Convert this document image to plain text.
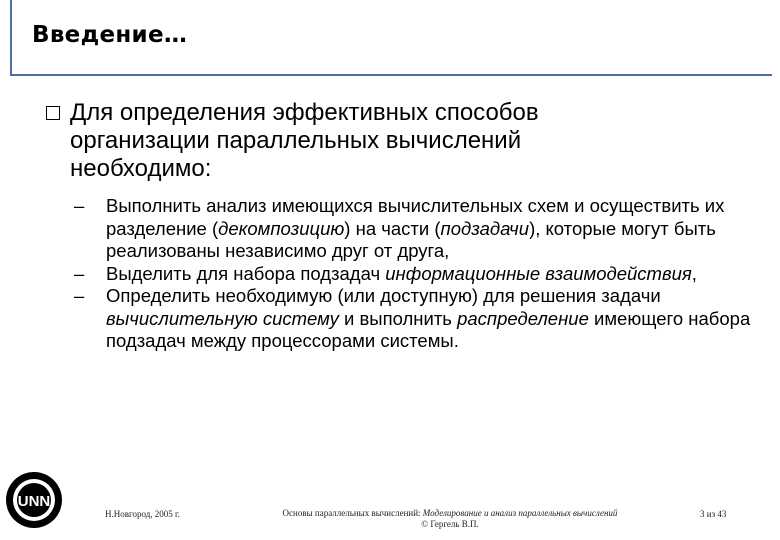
Введение…
Для определения эффективных способов организации параллельных вычислений необходимо:
–	Выполнить анализ имеющихся вычислительных схем и осуществить их разделение (декомпозицию) на части (подзадачи), которые могут быть реализованы независимо друг от друга,
–	Выделить для набора подзадач информационные взаимодействия,
–	Определить необходимую (или доступную) для решения задачи вычислительную систему и выполнить распределение имеющего набора подзадач между процессорами системы.
UNN
Н.Новгород, 2005 г.	Основы параллельных вычислений: Моделирование и анализ параллельных вычислений
© Гергель В.П.
3 из 43
